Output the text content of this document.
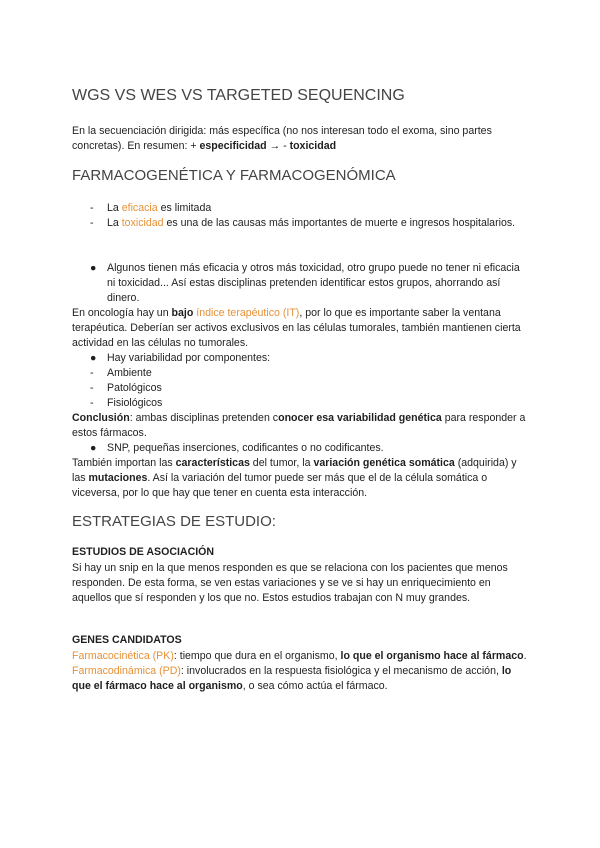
WGS VS WES VS TARGETED SEQUENCING
En la secuenciación dirigida: más específica (no nos interesan todo el exoma, sino partes
concretas). En resumen: + especificidad → - toxicidad
FARMACOGENÉTICA Y FARMACOGENÓMICA
- La eficacia es limitada
- La toxicidad es una de las causas más importantes de muerte e ingresos hospitalarios.
● Algunos tienen más eficacia y otros más toxicidad, otro grupo puede no tener ni eficacia ni toxicidad... Así estas disciplinas pretenden identificar estos grupos, ahorrando así dinero.
En oncología hay un bajo índice terapéutico (IT), por lo que es importante saber la ventana terapéutica. Deberían ser activos exclusivos en las células tumorales, también mantienen cierta actividad en las células no tumorales.
● Hay variabilidad por componentes:
- Ambiente
- Patológicos
- Fisiológicos
Conclusión: ambas disciplinas pretenden conocer esa variabilidad genética para responder a estos fármacos.
● SNP, pequeñas inserciones, codificantes o no codificantes.
También importan las características del tumor, la variación genética somática (adquirida) y las mutaciones. Así la variación del tumor puede ser más que el de la célula somática o viceversa, por lo que hay que tener en cuenta esta interacción.
ESTRATEGIAS DE ESTUDIO:
ESTUDIOS DE ASOCIACIÓN
Si hay un snip en la que menos responden es que se relaciona con los pacientes que menos responden. De esta forma, se ven estas variaciones y se ve si hay un enriquecimiento en aquellos que sí responden y los que no. Estos estudios trabajan con N muy grandes.
GENES CANDIDATOS
Farmacocinética (PK): tiempo que dura en el organismo, lo que el organismo hace al fármaco.
Farmacodinámica (PD): involucrados en la respuesta fisiológica y el mecanismo de acción, lo que el fármaco hace al organismo, o sea cómo actúa el fármaco.
